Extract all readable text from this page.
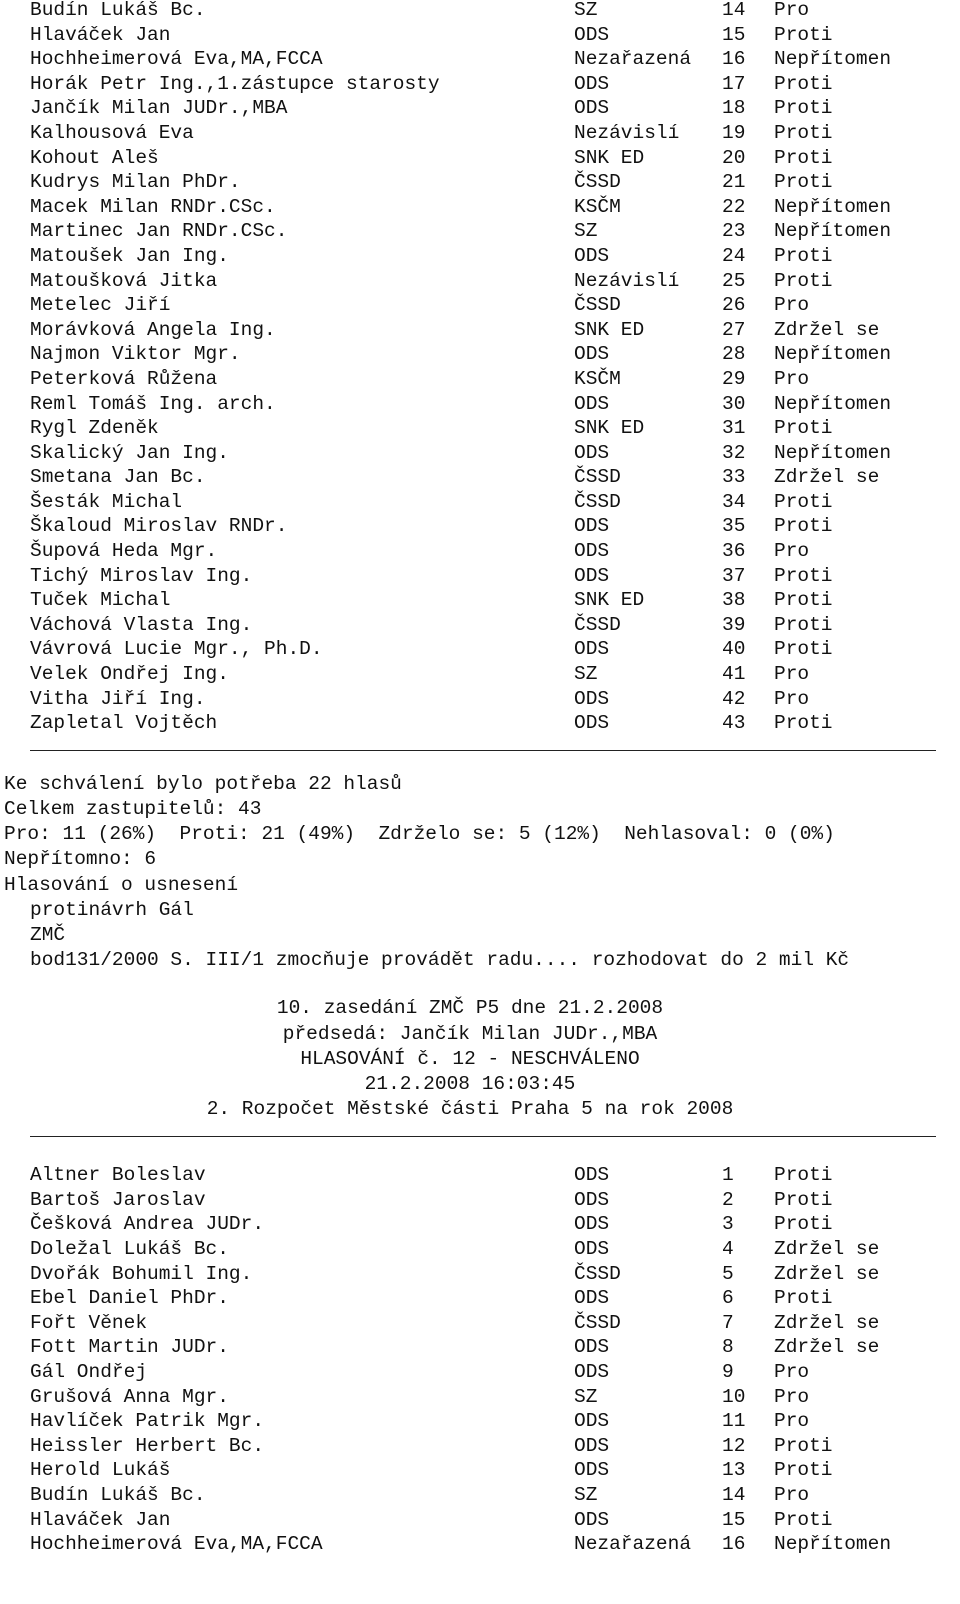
Budín Lukáš Bc.	SZ	14 Pro
Hlaváček Jan	ODS	15 Proti
Hochheimerová Eva,MA,FCCA	Nezařazená 16 Nepřítomen
Horák Petr Ing.,1.zástupce starosty	ODS	17 Proti
Jančík Milan JUDr.,MBA	ODS	18 Proti
Kalhousová Eva	Nezávislí 19 Proti
Kohout Aleš	SNK ED	20 Proti
Kudrys Milan PhDr.	ČSSD	21 Proti
Macek Milan RNDr.CSc.	KSČM	22 Nepřítomen
Martinec Jan RNDr.CSc.	SZ	23 Nepřítomen
Matoušek Jan Ing.	ODS	24 Proti
Matoušková Jitka	Nezávislí 25 Proti
Metelec Jiří	ČSSD	26 Pro
Morávková Angela Ing.	SNK ED	27 Zdržel se
Najmon Viktor Mgr.	ODS	28 Nepřítomen
Peterková Růžena	KSČM	29 Pro
Reml Tomáš Ing. arch.	ODS	30 Nepřítomen
Rygl Zdeněk	SNK ED	31 Proti
Skalický Jan Ing.	ODS	32 Nepřítomen
Smetana Jan Bc.	ČSSD	33 Zdržel se
Šesták Michal	ČSSD	34 Proti
Škaloud Miroslav RNDr.	ODS	35 Proti
Šupová Heda Mgr.	ODS	36 Pro
Tichý Miroslav Ing.	ODS	37 Proti
Tuček Michal	SNK ED	38 Proti
Váchová Vlasta Ing.	ČSSD	39 Proti
Vávrová Lucie Mgr., Ph.D.	ODS	40 Proti
Velek Ondřej Ing.	SZ	41 Pro
Vitha Jiří Ing.	ODS	42 Pro
Zapletal Vojtěch	ODS	43 Proti
Ke schválení bylo potřeba 22 hlasů
Celkem zastupitelů: 43
Pro: 11 (26%)  Proti: 21 (49%)  Zdrželo se: 5 (12%)  Nehlasoval: 0 (0%)
Nepřítomno: 6
Hlasování o usnesení
protinávrh Gál
ZMČ
bod131/2000 S. III/1 zmocňuje provádět radu.... rozhodovat do 2 mil Kč
10. zasedání ZMČ P5 dne 21.2.2008
předsedá: Jančík Milan JUDr.,MBA
HLASOVÁNÍ č. 12 - NESCHVÁLENO
21.2.2008 16:03:45
2. Rozpočet Městské části Praha 5 na rok 2008
Altner Boleslav	ODS	1 Proti
Bartoš Jaroslav	ODS	2 Proti
Češková Andrea JUDr.	ODS	3 Proti
Doležal Lukáš Bc.	ODS	4 Zdržel se
Dvořák Bohumil Ing.	ČSSD	5 Zdržel se
Ebel Daniel PhDr.	ODS	6 Proti
Fořt Věnek	ČSSD	7 Zdržel se
Fott Martin JUDr.	ODS	8 Zdržel se
Gál Ondřej	ODS	9 Pro
Grušová Anna Mgr.	SZ	10 Pro
Havlíček Patrik Mgr.	ODS	11 Pro
Heissler Herbert Bc.	ODS	12 Proti
Herold Lukáš	ODS	13 Proti
Budín Lukáš Bc.	SZ	14 Pro
Hlaváček Jan	ODS	15 Proti
Hochheimerová Eva,MA,FCCA	Nezařazená 16 Nepřítomen
